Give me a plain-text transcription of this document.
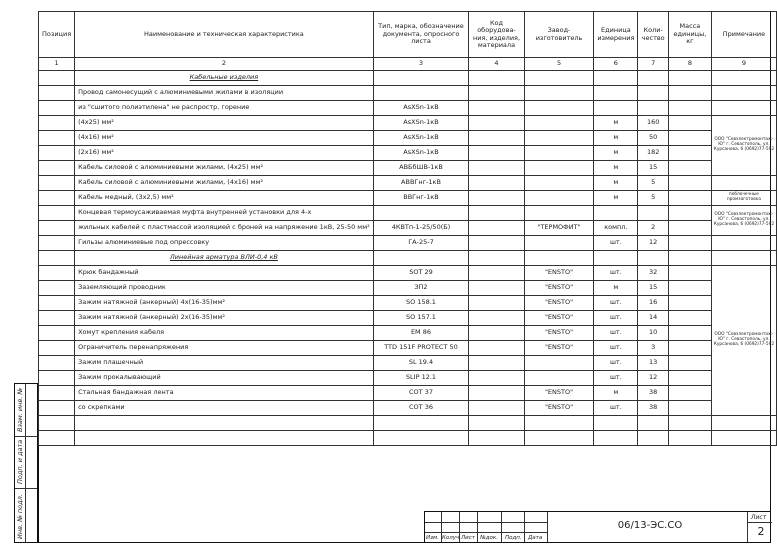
Позиция	Наименование и техническая характеристика	Тип, марка, обозначение документа, опросного листа	Код оборудова-ния, изделия, материала	Завод-изготовитель	Единица измерения	Коли-чество	Масса единицы, кг	Примечание
1	2	3	4	5	6	7	8	9
	Кабельные изделия							
	Провод самонесущий с алюминиевыми жилами в изоляции							
	из "сшитого полиэтилена" не распростр. горение	AsXSn-1кВ						
	(4х25) мм²	AsXSn-1кВ			м	160		ООО "Севэлектромонтаж-Ю" г. Севастополь, ул. Курсанова, 6 (0692)77-592
	(4х16) мм²	AsXSn-1кВ			м	50		
	(2х16) мм²	AsXSn-1кВ			м	182		
	Кабель силовой с алюминиевыми жилами, (4х25) мм²	АВБбШВ-1кВ			м	15		
	Кабель силовой с алюминиевыми жилами, (4х16) мм²	АВВГнг-1кВ			м	5		
	Кабель медный, (3х2,5) мм²	ВВГнг-1кВ			м	5		поблочечные промзаготовка
	Концевая термоусаживаемая муфта внутренней установки для 4-х							ООО "Севэлектромонтаж-Ю" г. Севастополь, ул. Курсанова, 6 (0692)77-592
	жильных кабелей с пластмассой изоляцией с броней на напряжение 1кВ, 25-50 мм²	4КВТп-1-25/50(Б)		"ТЕРМОФИТ"	компл.	2		
	Гильзы алюминиевые под опрессовку	ГА-25-7			шт.	12		
	Линейная арматура ВЛИ-0,4 кВ							
	Крюк бандажный	SOT 29		"ENSTO"	шт.	32		ООО "Севэлектромонтаж-Ю" г. Севастополь, ул. Курсанова, 6 (0692)77-592
	Заземляющий проводник	ЗП2		"ENSTO"	м	15		
	Зажим натяжной (анкерный) 4х(16-35)мм²	SO 158.1		"ENSTO"	шт.	16		
	Зажим натяжной (анкерный) 2х(16-35)мм²	SO 157.1		"ENSTO"	шт.	14		
	Хомут крепления кабеля	EM 86		"ENSTO"	шт.	10		
	Ограничитель перенапряжения	TTD 151F PROTECT 50		"ENSTO"	шт.	3		
	Зажим плашечный	SL 19.4			шт.	13		
	Зажим прокалывающий	SLIP 12.1			шт.	12		
	Стальная бандажная лента	COT 37		"ENSTO"	м	38		
	со скрепками	COT 36		"ENSTO"	шт.	38		

Взам. инв. №
Подп. и дата
Инв. № подл.	Изм. Колуч. Лист №док. Подп. Дата
06/13-ЭС.СО
Лист
2
